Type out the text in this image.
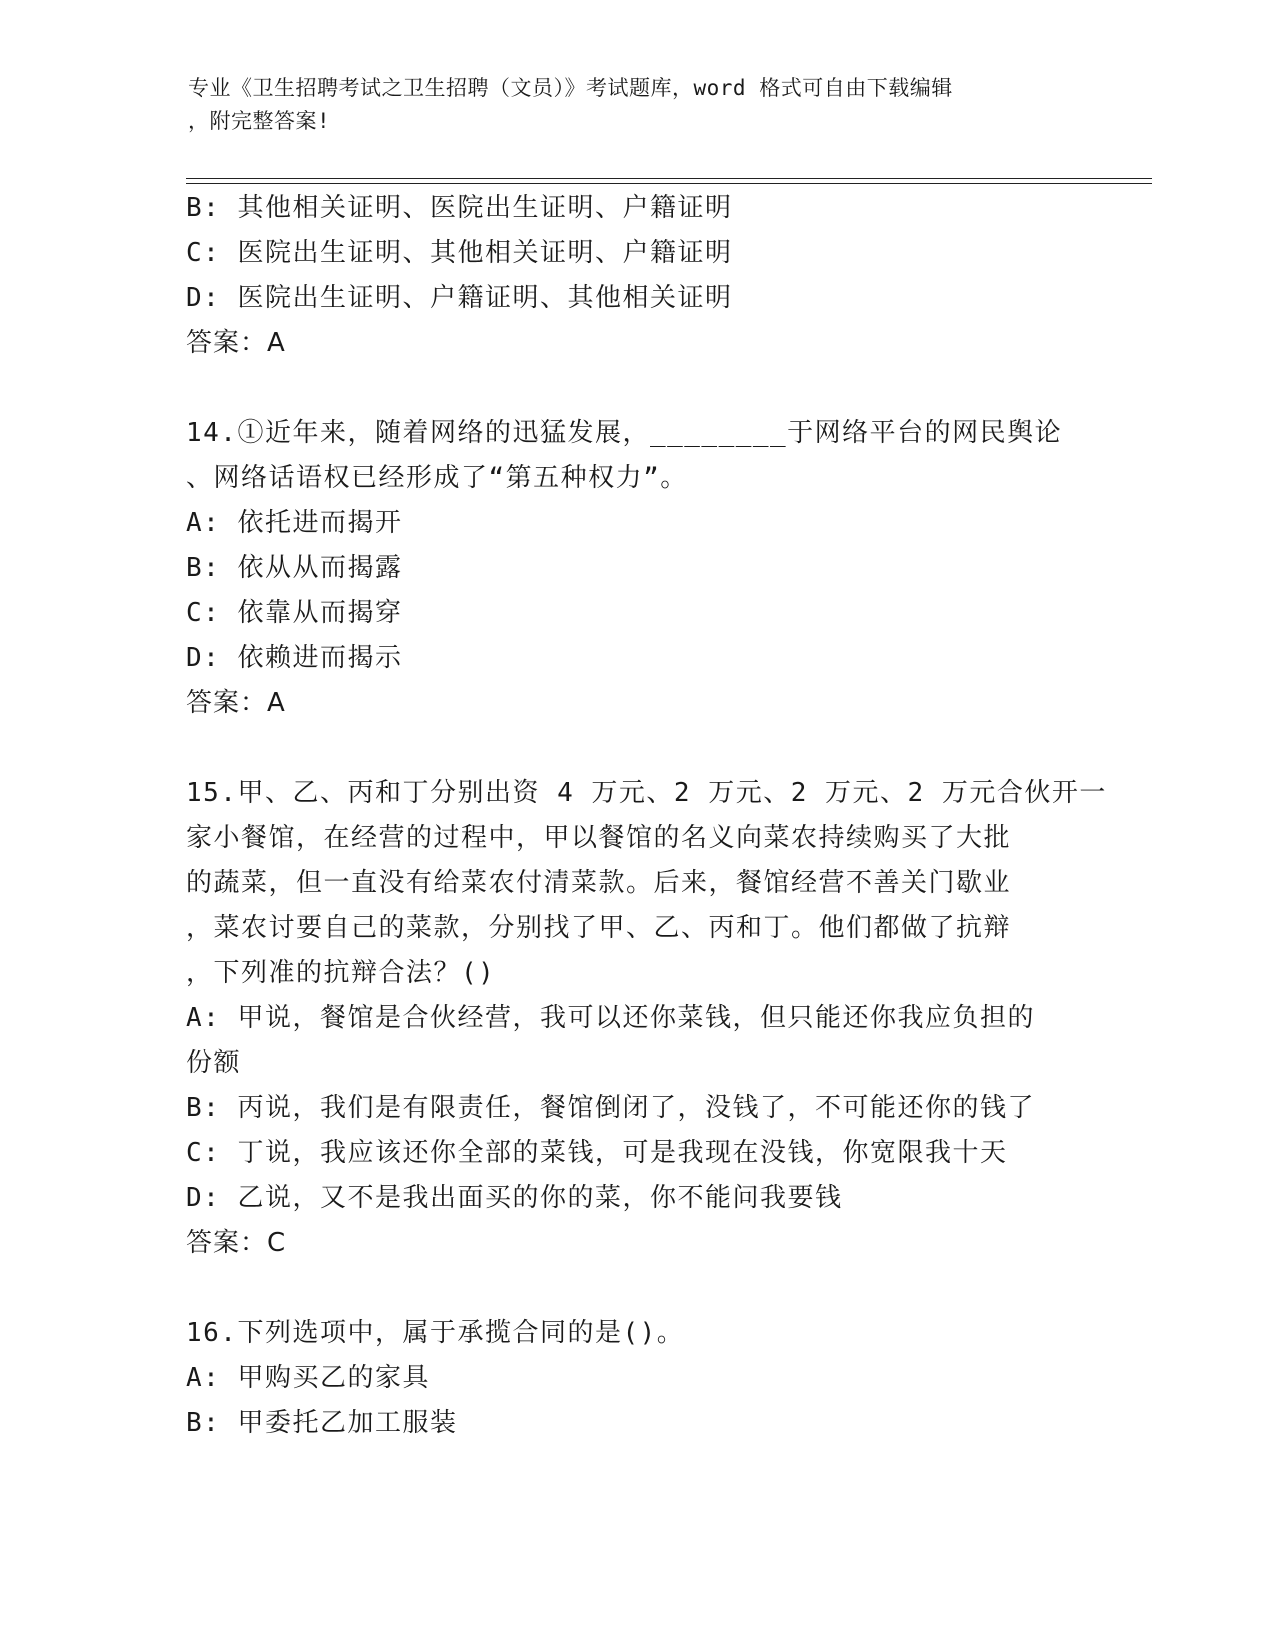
专业《卫生招聘考试之卫生招聘（文员）》考试题库，word 格式可自由下载编辑
，附完整答案!
B: 其他相关证明、医院出生证明、户籍证明
C: 医院出生证明、其他相关证明、户籍证明
D: 医院出生证明、户籍证明、其他相关证明
答案：A
14.①近年来，随着网络的迅猛发展，________于网络平台的网民舆论
、网络话语权已经形成了“第五种权力”。
A: 依托进而揭开
B: 依从从而揭露
C: 依靠从而揭穿
D: 依赖进而揭示
答案：A
15.甲、乙、丙和丁分别出资 4 万元、2 万元、2 万元、2 万元合伙开一
家小餐馆，在经营的过程中，甲以餐馆的名义向菜农持续购买了大批
的蔬菜，但一直没有给菜农付清菜款。后来，餐馆经营不善关门歇业
，菜农讨要自己的菜款，分别找了甲、乙、丙和丁。他们都做了抗辩
，下列准的抗辩合法？()
A: 甲说，餐馆是合伙经营，我可以还你菜钱，但只能还你我应负担的
份额
B: 丙说，我们是有限责任，餐馆倒闭了，没钱了，不可能还你的钱了
C: 丁说，我应该还你全部的菜钱，可是我现在没钱，你宽限我十天
D: 乙说，又不是我出面买的你的菜，你不能问我要钱
答案：C
16.下列选项中，属于承揽合同的是()。
A: 甲购买乙的家具
B: 甲委托乙加工服装
